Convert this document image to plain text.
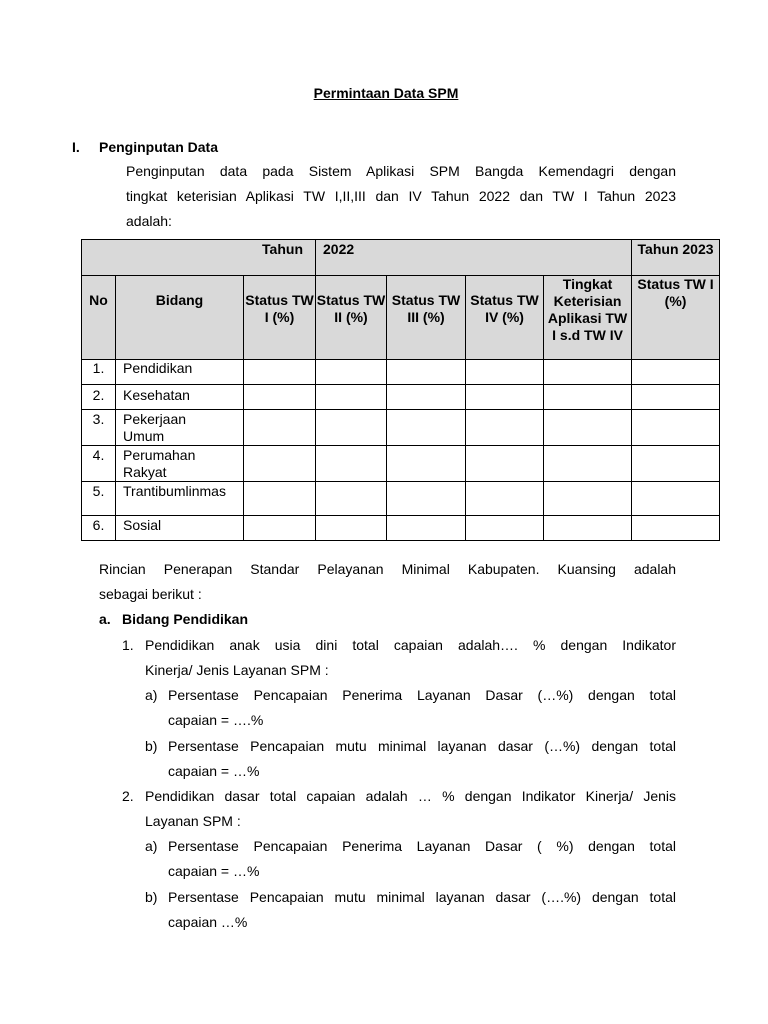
Permintaan Data SPM
I. Penginputan Data
Penginputan data pada Sistem Aplikasi SPM Bangda Kemendagri dengan
tingkat keterisian Aplikasi TW I,II,III dan IV Tahun 2022 dan TW I Tahun 2023
adalah:
Tahun			2022				Tahun 2023
No	Bidang	Status TW I (%)	Status TW II (%)	Status TW III (%)	Status TW IV (%)	Tingkat Keterisian Aplikasi TW I s.d TW IV	Status TW I (%)
1.	Pendidikan						
2.	Kesehatan						
3.	Pekerjaan Umum						

4.	Perumahan Rakyat						

5.	Trantibumlinmas						

6.	Sosial						
Rincian Penerapan Standar Pelayanan Minimal Kabupaten. Kuansing adalah
sebagai berikut :
a. Bidang Pendidikan
1. Pendidikan anak usia dini total capaian adalah…. % dengan Indikator
Kinerja/ Jenis Layanan SPM :
a) Persentase Pencapaian Penerima Layanan Dasar (…%) dengan total
capaian = ….%
b) Persentase Pencapaian mutu minimal layanan dasar (…%) dengan total
capaian = …%
2. Pendidikan dasar total capaian adalah … % dengan Indikator Kinerja/ Jenis
Layanan SPM :
a) Persentase Pencapaian Penerima Layanan Dasar ( %) dengan total
capaian = …%
b) Persentase Pencapaian mutu minimal layanan dasar (….%) dengan total
capaian …%
